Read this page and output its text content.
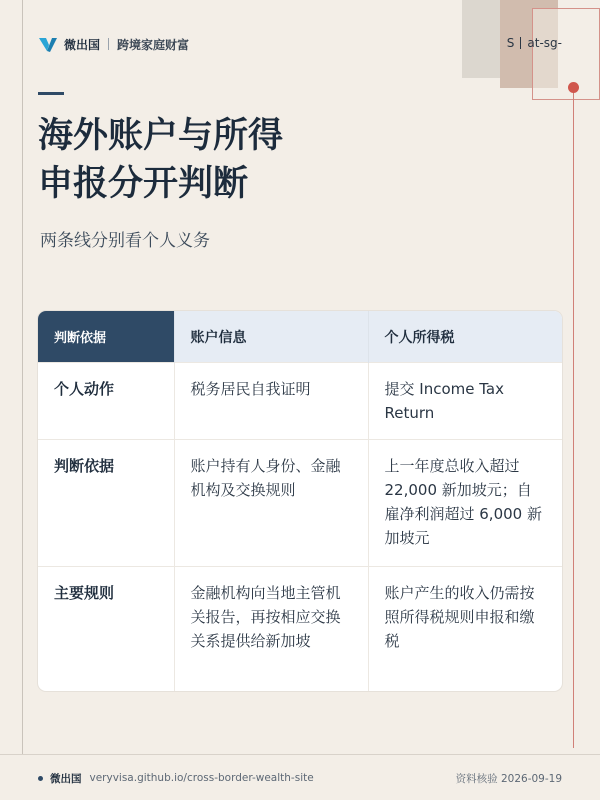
微出国 跨境家庭财富	S at-sg-
海外账户与所得
申报分开判断
两条线分别看个人义务
判断依据	账户信息	个人所得税
个人动作	税务居民自我证明	提交 Income Tax Return
判断依据	账户持有人身份、金融机构及交换规则	上一年度总收入超过 22,000 新加坡元；自雇净利润超过 6,000 新加坡元
主要规则	金融机构向当地主管机关报告，再按相应交换关系提供给新加坡	账户产生的收入仍需按照所得税规则申报和缴税
微出国 veryvisa.github.io/cross-border-wealth-site	资料核验 2026-09-19
